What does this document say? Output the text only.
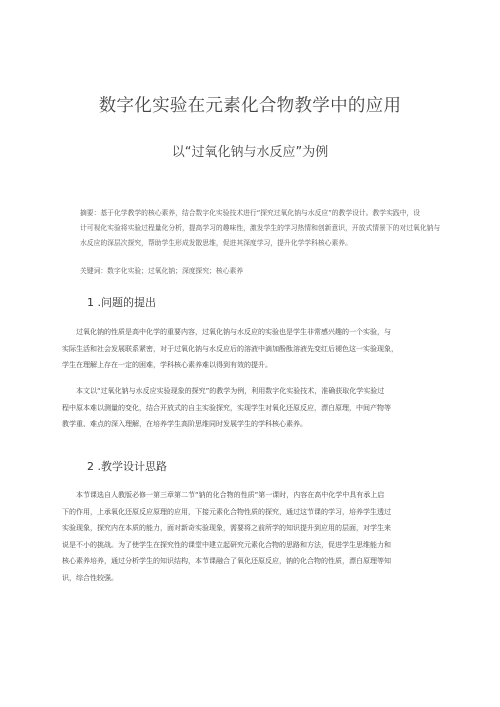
数字化实验在元素化合物教学中的应用
以“过氧化钠与水反应”为例
摘要：基于化学教学的核心素养，结合数字化实验技术进行“探究过氧化钠与水反应”的教学设计。教学实践中，设
计可视化实验将实验过程量化分析，提高学习的趣味性，激发学生的学习热情和创新意识，开放式情景下的对过氧化钠与
水反应的深层次探究，帮助学生形成发散思维，促进其深度学习，提升化学学科核心素养。
关键词：数字化实验；过氧化钠；深度探究；核心素养
1 .问题的提出
过氧化钠的性质是高中化学的重要内容，过氧化钠与水反应的实验也是学生非常感兴趣的一个实验，与
实际生活和社会发展联系紧密，对于过氧化钠与水反应后的溶液中滴加酚酞溶液先变红后褪色这一实验现象，
学生在理解上存在一定的困难，学科核心素养难以得到有效的提升。
本文以“过氧化钠与水反应实验现象的探究”的教学为例，利用数字化实验技术，准确获取化学实验过
程中原本难以测量的变化，结合开放式的自主实验探究，实现学生对氧化还原反应，漂白原理，中间产物等
教学重、难点的深入理解，在培养学生高阶思维同时发展学生的学科核心素养。
2 .教学设计思路
本节课选自人教版必修一第三章第二节“钠的化合物的性质”第一课时，内容在高中化学中具有承上启
下的作用，上承氧化还原反应原理的应用，下接元素化合物性质的探究，通过这节课的学习，培养学生透过
实验现象，探究内在本质的能力，面对新奇实验现象，需要将之前所学的知识提升到应用的层面，对学生来
说是不小的挑战。为了使学生在探究性的课堂中建立起研究元素化合物的思路和方法，促进学生思维能力和
核心素养培养，通过分析学生的知识结构，本节课融合了氧化还原反应，钠的化合物的性质，漂白原理等知
识，综合性较强。
